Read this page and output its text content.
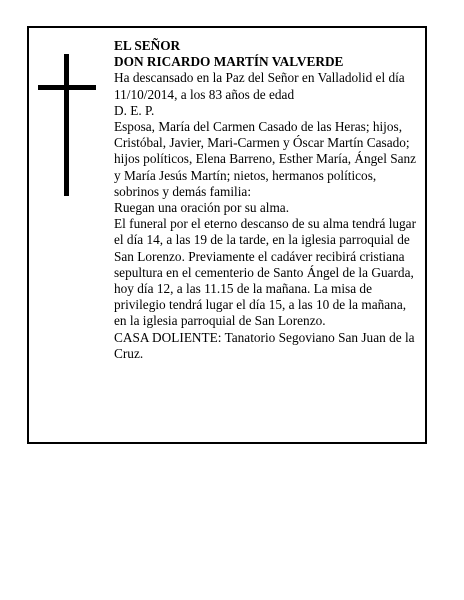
EL SEÑOR

DON RICARDO MARTÍN VALVERDE

Ha descansado en la Paz del Señor en Valladolid el día 11/10/2014, a los 83 años de edad

D. E. P.

Esposa, María del Carmen Casado de las Heras; hijos, Cristóbal, Javier, Mari-Carmen y Óscar Martín Casado; hijos políticos, Elena Barreno, Esther María, Ángel Sanz y María Jesús Martín; nietos, hermanos políticos, sobrinos y demás familia:

Ruegan una oración por su alma.

El funeral por el eterno descanso de su alma tendrá lugar el día 14, a las 19 de la tarde, en la iglesia parroquial de San Lorenzo. Previamente el cadáver recibirá cristiana sepultura en el cementerio de Santo Ángel de la Guarda, hoy día 12, a las 11.15 de la mañana. La misa de privilegio tendrá lugar el día 15, a las 10 de la mañana, en la iglesia parroquial de San Lorenzo.

CASA DOLIENTE: Tanatorio Segoviano San Juan de la Cruz.
